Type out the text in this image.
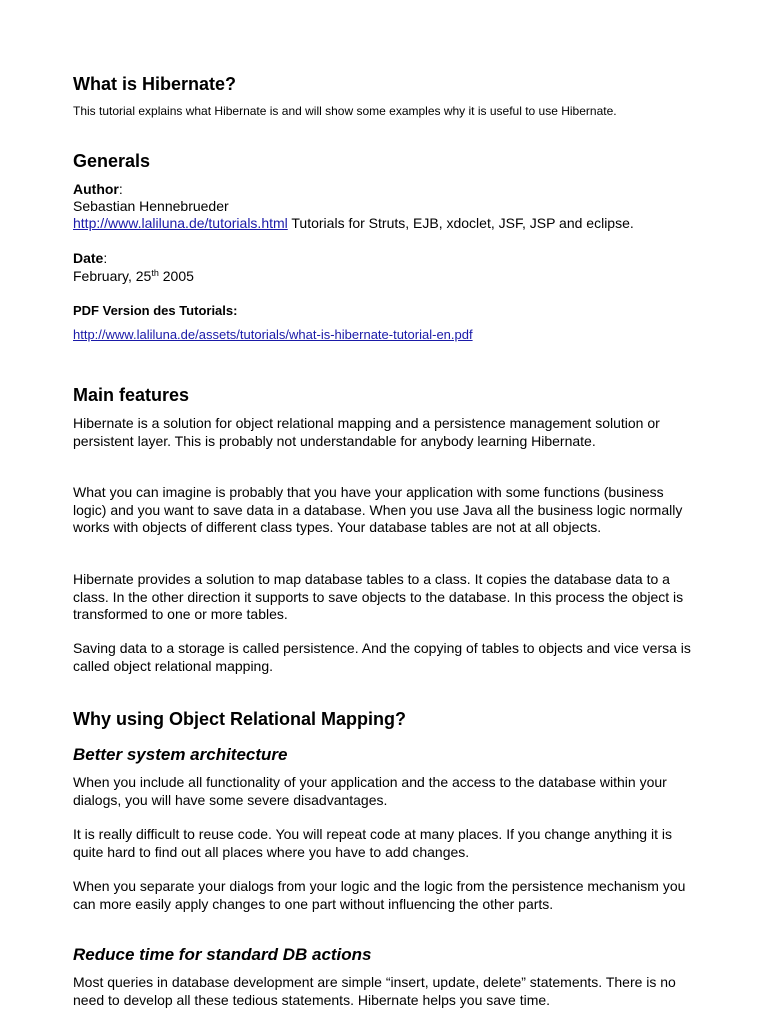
What is Hibernate?

This tutorial explains what Hibernate is and will show some examples why it is useful to use Hibernate.

Generals
Author:
Sebastian Hennebrueder
http://www.laliluna.de/tutorials.html Tutorials for Struts, EJB, xdoclet, JSF, JSP and eclipse.
Date:
February, 25th 2005
PDF Version des Tutorials:
http://www.laliluna.de/assets/tutorials/what-is-hibernate-tutorial-en.pdf
Main features

Hibernate is a solution for object relational mapping and a persistence management solution or persistent layer. This is probably not understandable for anybody learning Hibernate.

What you can imagine is probably that you have your application with some functions (business logic) and you want to save data in a database. When you use Java all the business logic normally works with objects of different class types. Your database tables are not at all objects.

Hibernate provides a solution to map database tables to a class. It copies the database data to a class. In the other direction it supports to save objects to the database. In this process the object is transformed to one or more tables.

Saving data to a storage is called persistence. And the copying of tables to objects and vice versa is called object relational mapping.

Why using Object Relational Mapping?
Better system architecture

When you include all functionality of your application and the access to the database within your dialogs, you will have some severe disadvantages.

It is really difficult to reuse code. You will repeat code at many places. If you change anything it is quite hard to find out all places where you have to add changes.

When you separate your dialogs from your logic and the logic from the persistence mechanism you can more easily apply changes to one part without influencing the other parts.

Reduce time for standard DB actions

Most queries in database development are simple “insert, update, delete” statements. There is no need to develop all these tedious statements. Hibernate helps you save time.
